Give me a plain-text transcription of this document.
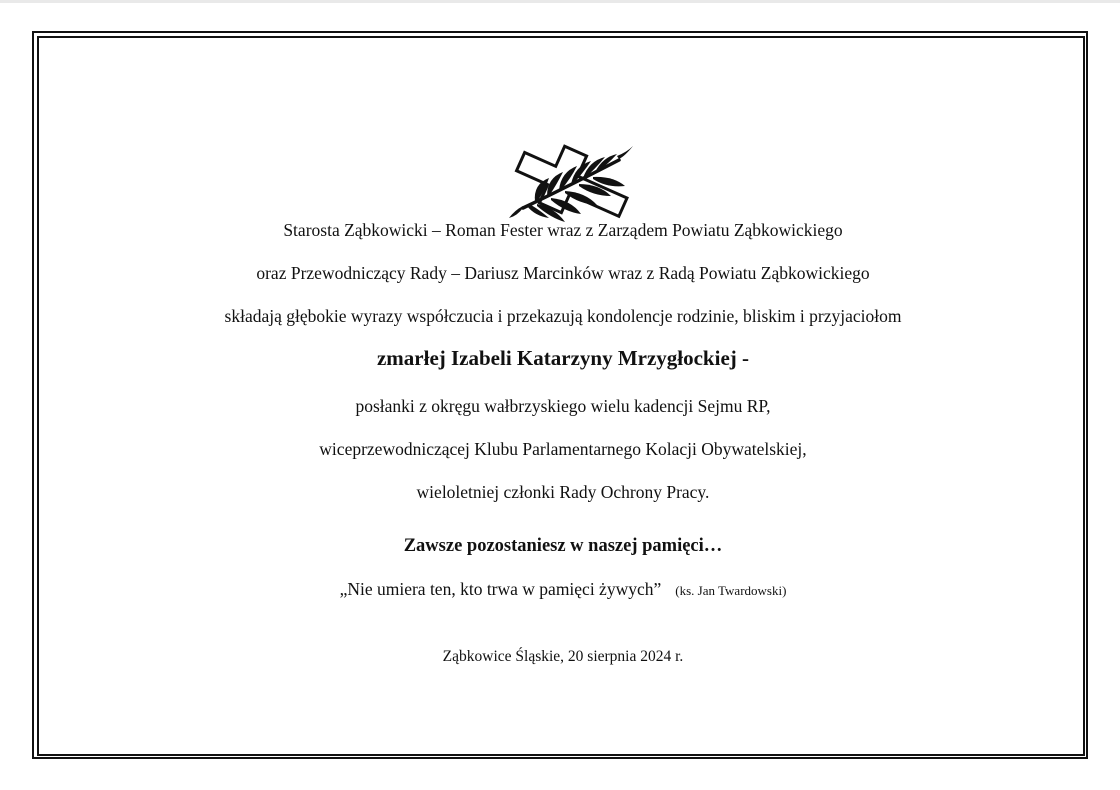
Starosta Ząbkowicki – Roman Fester wraz z Zarządem Powiatu Ząbkowickiego
oraz Przewodniczący Rady – Dariusz Marcinków wraz z Radą Powiatu Ząbkowickiego
składają głębokie wyrazy współczucia i przekazują kondolencje rodzinie, bliskim i przyjaciołom
zmarłej Izabeli Katarzyny Mrzygłockiej -
posłanki z okręgu wałbrzyskiego wielu kadencji Sejmu RP,
wiceprzewodniczącej Klubu Parlamentarnego Kolacji Obywatelskiej,
wieloletniej członki Rady Ochrony Pracy.
Zawsze pozostaniesz w naszej pamięci…
„Nie umiera ten, kto trwa w pamięci żywych” (ks. Jan Twardowski)
Ząbkowice Śląskie, 20 sierpnia 2024 r.
